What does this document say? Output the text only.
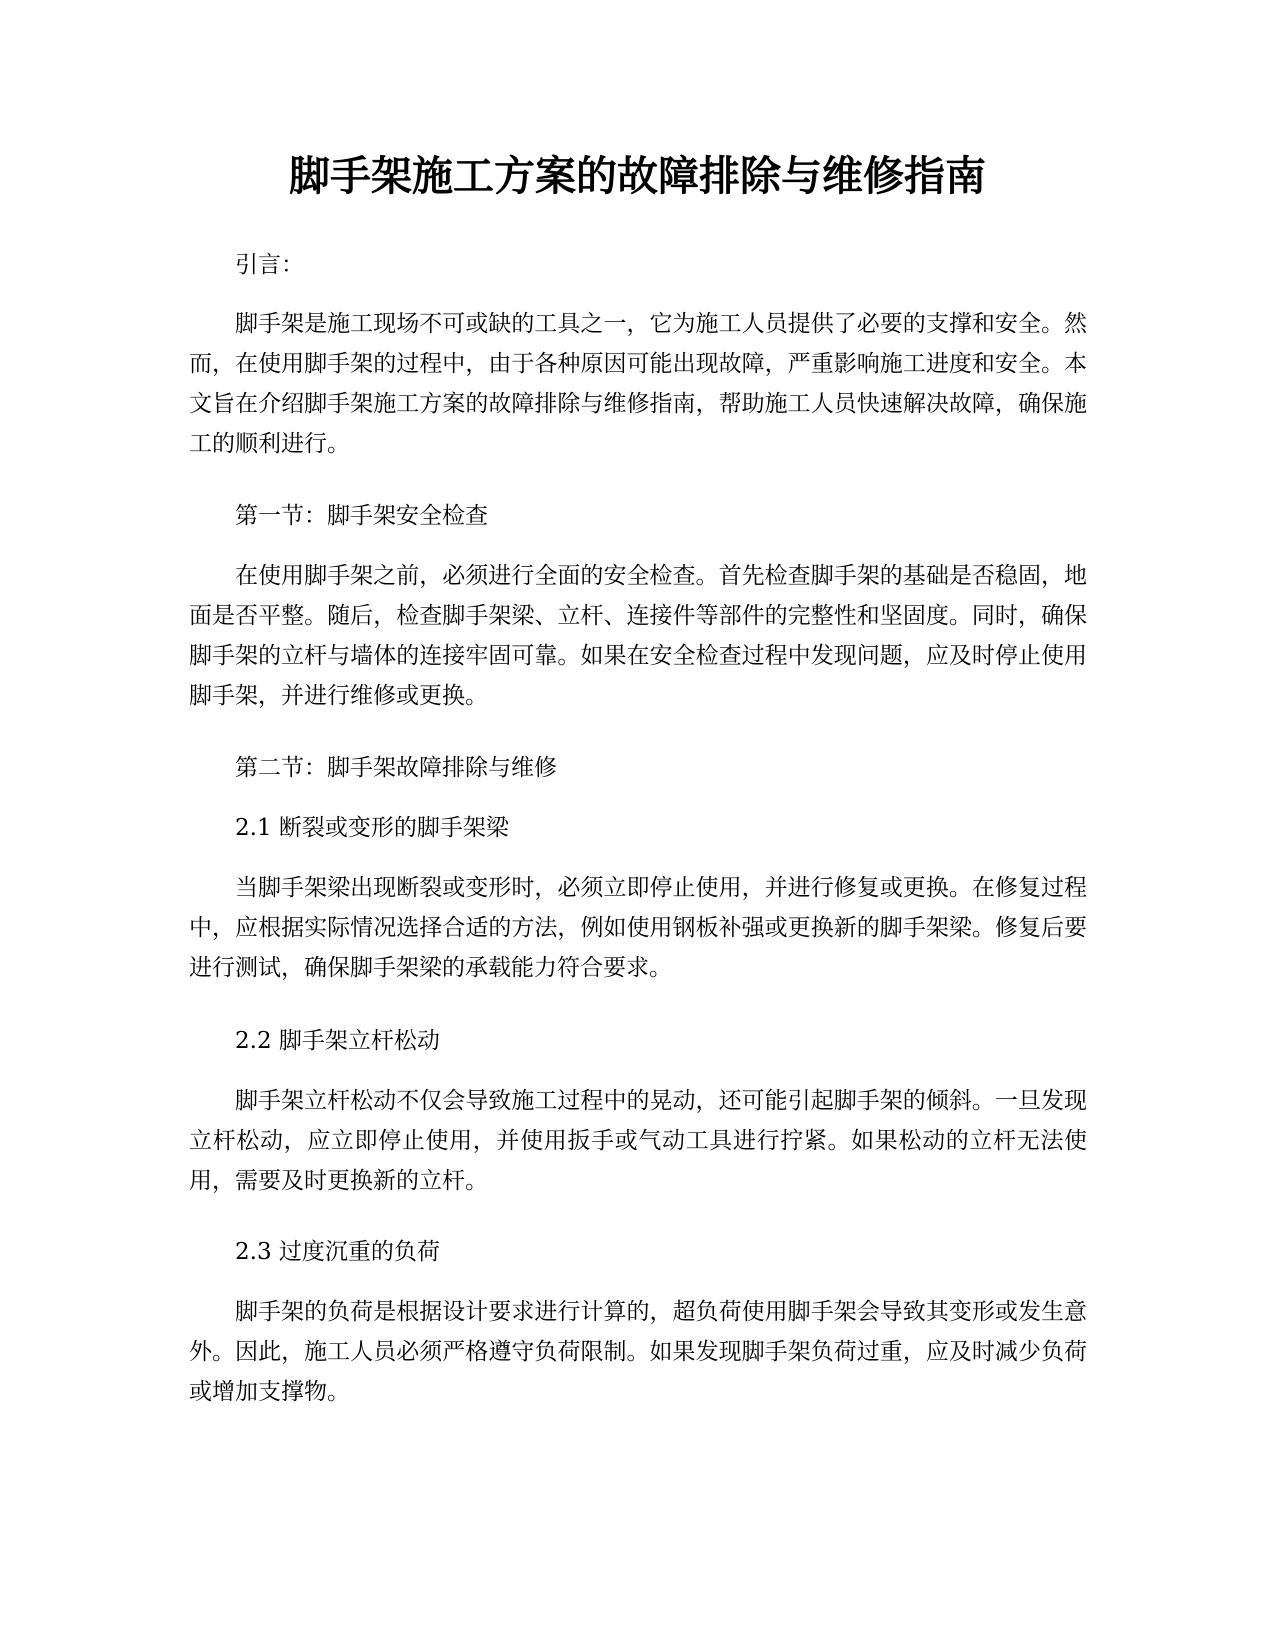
脚手架施工方案的故障排除与维修指南

引言：

脚手架是施工现场不可或缺的工具之一，它为施工人员提供了必要的支撑和安全。然而，在使用脚手架的过程中，由于各种原因可能出现故障，严重影响施工进度和安全。本文旨在介绍脚手架施工方案的故障排除与维修指南，帮助施工人员快速解决故障，确保施工的顺利进行。

第一节：脚手架安全检查

在使用脚手架之前，必须进行全面的安全检查。首先检查脚手架的基础是否稳固，地面是否平整。随后，检查脚手架梁、立杆、连接件等部件的完整性和坚固度。同时，确保脚手架的立杆与墙体的连接牢固可靠。如果在安全检查过程中发现问题，应及时停止使用脚手架，并进行维修或更换。

第二节：脚手架故障排除与维修

2.1 断裂或变形的脚手架梁

当脚手架梁出现断裂或变形时，必须立即停止使用，并进行修复或更换。在修复过程中，应根据实际情况选择合适的方法，例如使用钢板补强或更换新的脚手架梁。修复后要进行测试，确保脚手架梁的承载能力符合要求。

2.2 脚手架立杆松动

脚手架立杆松动不仅会导致施工过程中的晃动，还可能引起脚手架的倾斜。一旦发现立杆松动，应立即停止使用，并使用扳手或气动工具进行拧紧。如果松动的立杆无法使用，需要及时更换新的立杆。

2.3 过度沉重的负荷

脚手架的负荷是根据设计要求进行计算的，超负荷使用脚手架会导致其变形或发生意外。因此，施工人员必须严格遵守负荷限制。如果发现脚手架负荷过重，应及时减少负荷或增加支撑物。
